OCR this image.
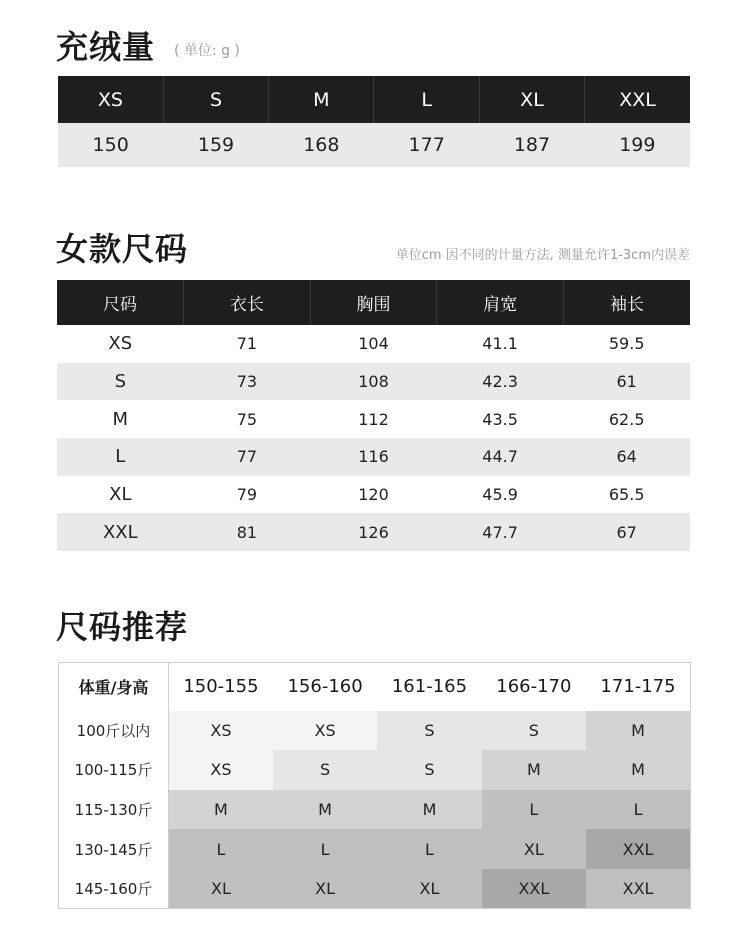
充绒量 ( 单位: g )
XS	S	M	L	XL	XXL
150	159	168	177	187	199
女款尺码	单位cm 因不同的计量方法, 测量允许1-3cm内误差
尺码	衣长	胸围	肩宽	袖长
XS	71	104	41.1	59.5
S	73	108	42.3	61
M	75	112	43.5	62.5
L	77	116	44.7	64
XL	79	120	45.9	65.5
XXL	81	126	47.7	67
尺码推荐
体重/身高	150-155	156-160	161-165	166-170	171-175
100斤以内	XS	XS	S	S	M
100-115斤	XS	S	S	M	M
115-130斤	M	M	M	L	L
130-145斤	L	L	L	XL	XXL
145-160斤	XL	XL	XL	XXL	XXL
